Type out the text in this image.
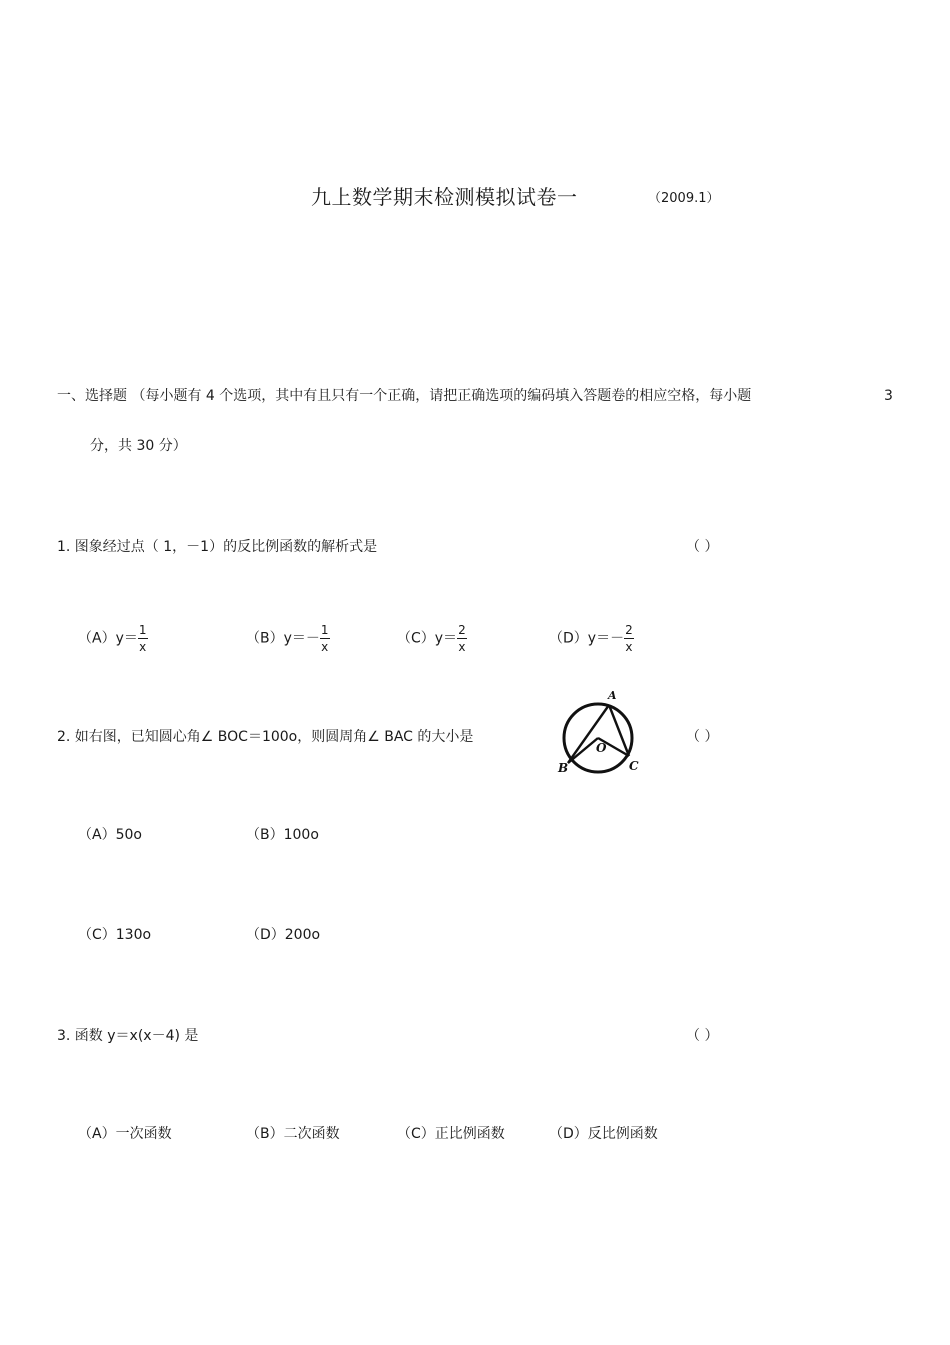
九上数学期末检测模拟试卷一	（2009.1）
一、选择题 （每小题有 4 个选项，其中有且只有一个正确，请把正确选项的编码填入答题卷的相应空格，每小题	3
分，共 30 分）
1. 图象经过点（ 1，－1）的反比例函数的解析式是	（ ）
$(A)y= \frac{1}{x}$	$(B)y=- \frac{1}{x}$	$(C)y= \frac{2}{x}$	$(D)y=- \frac{2}{x}$
2. 如右图，已知圆心角∠ BOC＝100o，则圆周角∠ BAC 的大小是	（ ）
A
B	C
O
（A）50o	（B）100o
（C）130o	（D）200o
3. 函数 y＝x(x－4) 是	（ ）
（A）一次函数	（B）二次函数	（C）正比例函数	（D）反比例函数
